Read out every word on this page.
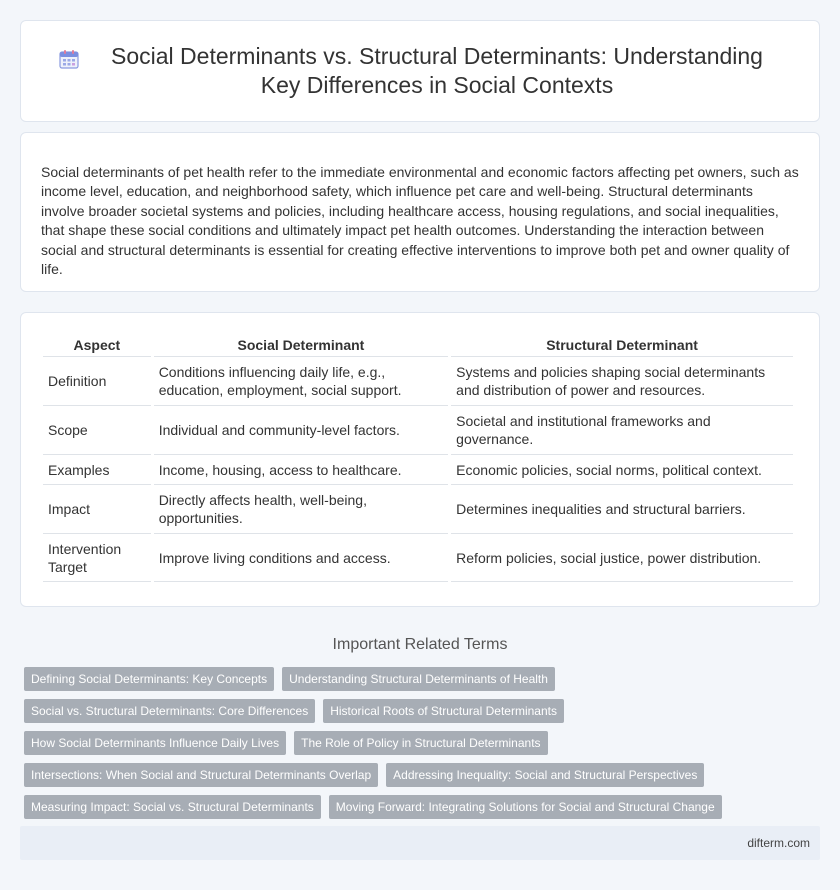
Social Determinants vs. Structural Determinants: Understanding Key Differences in Social Contexts

Social determinants of pet health refer to the immediate environmental and economic factors affecting pet owners, such as income level, education, and neighborhood safety, which influence pet care and well-being. Structural determinants involve broader societal systems and policies, including healthcare access, housing regulations, and social inequalities, that shape these social conditions and ultimately impact pet health outcomes. Understanding the interaction between social and structural determinants is essential for creating effective interventions to improve both pet and owner quality of life.

Aspect	Social Determinant	Structural Determinant
Definition	Conditions influencing daily life, e.g., education, employment, social support.	Systems and policies shaping social determinants and distribution of power and resources.
Scope	Individual and community-level factors.	Societal and institutional frameworks and governance.
Examples	Income, housing, access to healthcare.	Economic policies, social norms, political context.
Impact	Directly affects health, well-being, opportunities.	Determines inequalities and structural barriers.
Intervention Target	Improve living conditions and access.	Reform policies, social justice, power distribution.
Important Related Terms
Defining Social Determinants: Key Concepts	Understanding Structural Determinants of Health
Social vs. Structural Determinants: Core Differences	Historical Roots of Structural Determinants
How Social Determinants Influence Daily Lives	The Role of Policy in Structural Determinants
Intersections: When Social and Structural Determinants Overlap	Addressing Inequality: Social and Structural Perspectives
Measuring Impact: Social vs. Structural Determinants	Moving Forward: Integrating Solutions for Social and Structural Change
difterm.com
